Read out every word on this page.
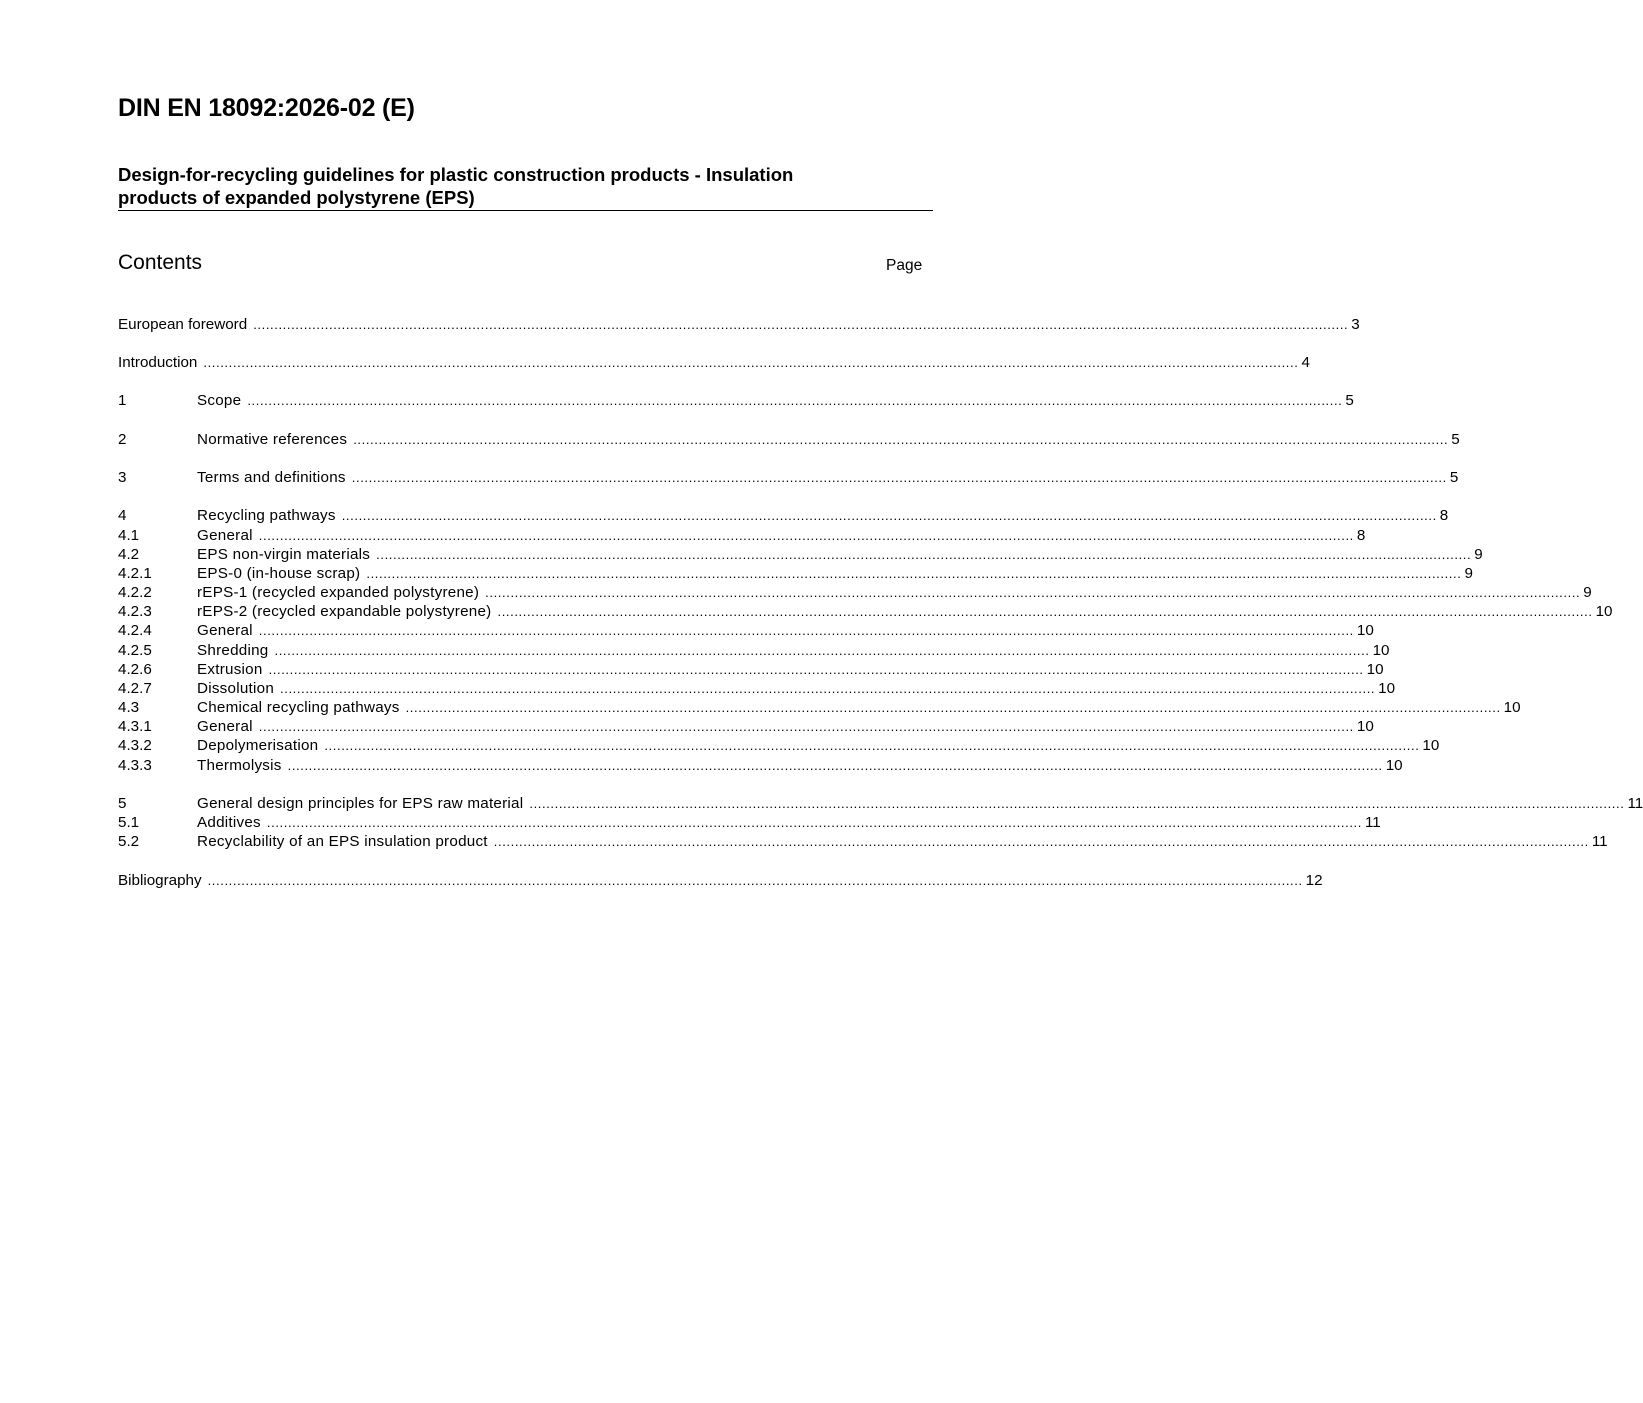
DIN EN 18092:2026-02 (E)
Design-for-recycling guidelines for plastic construction products - Insulation
products of expanded polystyrene (EPS)
Contents	Page
European foreword .................................................................................................................................................................................................................................................................... 3
Introduction .................................................................................................................................................................................................................................................................... 4
1	Scope .................................................................................................................................................................................................................................................................... 5
2	Normative references .................................................................................................................................................................................................................................................................... 5
3	Terms and definitions .................................................................................................................................................................................................................................................................... 5
4	Recycling pathways .................................................................................................................................................................................................................................................................... 8
4.1	General .................................................................................................................................................................................................................................................................... 8
4.2	EPS non-virgin materials .................................................................................................................................................................................................................................................................... 9
4.2.1	EPS-0 (in-house scrap) .................................................................................................................................................................................................................................................................... 9
4.2.2	rEPS-1 (recycled expanded polystyrene) .................................................................................................................................................................................................................................................................... 9
4.2.3	rEPS-2 (recycled expandable polystyrene) .................................................................................................................................................................................................................................................................... 10
4.2.4	General .................................................................................................................................................................................................................................................................... 10
4.2.5	Shredding .................................................................................................................................................................................................................................................................... 10
4.2.6	Extrusion .................................................................................................................................................................................................................................................................... 10
4.2.7	Dissolution .................................................................................................................................................................................................................................................................... 10
4.3	Chemical recycling pathways .................................................................................................................................................................................................................................................................... 10
4.3.1	General .................................................................................................................................................................................................................................................................... 10
4.3.2	Depolymerisation .................................................................................................................................................................................................................................................................... 10
4.3.3	Thermolysis .................................................................................................................................................................................................................................................................... 10
5	General design principles for EPS raw material .................................................................................................................................................................................................................................................................... 11
5.1	Additives .................................................................................................................................................................................................................................................................... 11
5.2	Recyclability of an EPS insulation product .................................................................................................................................................................................................................................................................... 11
Bibliography .................................................................................................................................................................................................................................................................... 12
